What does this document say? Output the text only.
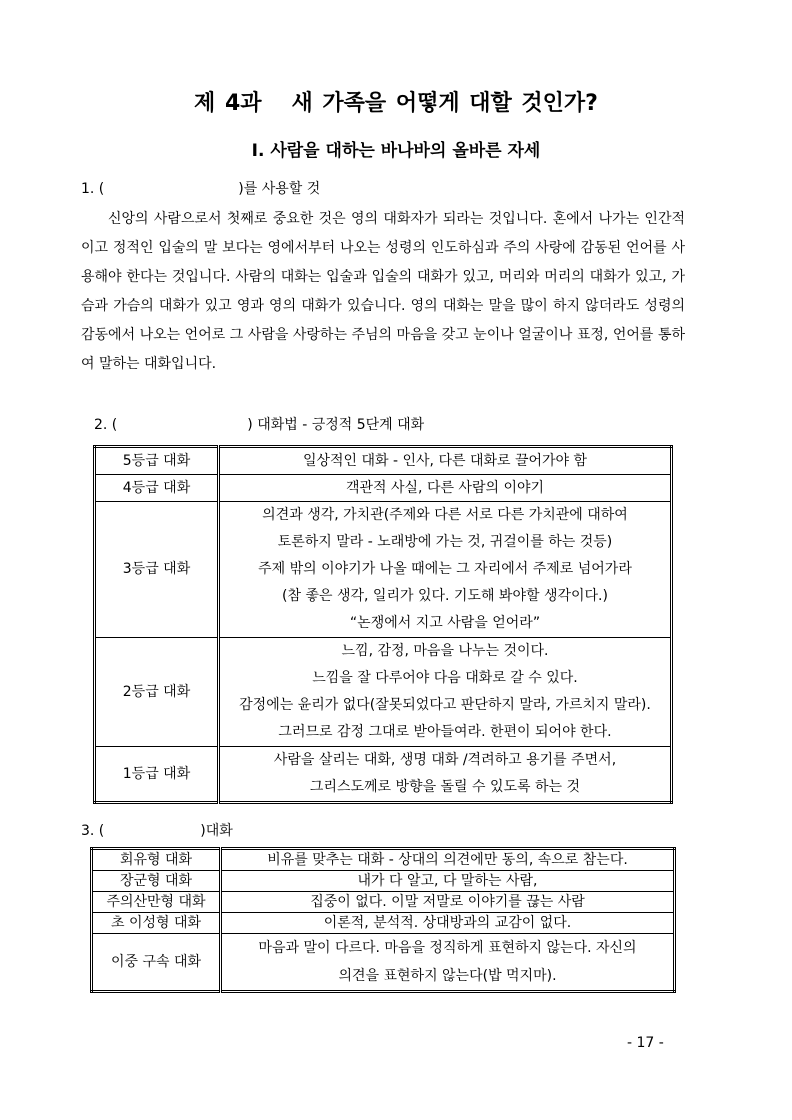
제 4과 새 가족을 어떻게 대할 것인가?
I. 사람을 대하는 바나바의 올바른 자세
1. (	)를 사용할 것
신앙의 사람으로서 첫째로 중요한 것은 영의 대화자가 되라는 것입니다. 혼에서 나가는 인간적이고 정적인 입술의 말 보다는 영에서부터 나오는 성령의 인도하심과 주의 사랑에 감동된 언어를 사용해야 한다는 것입니다. 사람의 대화는 입술과 입술의 대화가 있고, 머리와 머리의 대화가 있고, 가슴과 가슴의 대화가 있고 영과 영의 대화가 있습니다. 영의 대화는 말을 많이 하지 않더라도 성령의 감동에서 나오는 언어로 그 사람을 사랑하는 주님의 마음을 갖고 눈이나 얼굴이나 표정, 언어를 통하여 말하는 대화입니다.
2. (	) 대화법 - 긍정적 5단계 대화
5등급 대화	일상적인 대화 - 인사, 다른 대화로 끌어가야 함

4등급 대화	객관적 사실, 다른 사람의 이야기

3등급 대화	의견과 생각, 가치관(주제와 다른 서로 다른 가치관에 대하여
토론하지 말라 - 노래방에 가는 것, 귀걸이를 하는 것등)
주제 밖의 이야기가 나올 때에는 그 자리에서 주제로 넘어가라
(참 좋은 생각, 일리가 있다. 기도해 봐야할 생각이다.)
“논쟁에서 지고 사람을 얻어라”

2등급 대화	느낌, 감정, 마음을 나누는 것이다.
느낌을 잘 다루어야 다음 대화로 갈 수 있다.
감정에는 윤리가 없다(잘못되었다고 판단하지 말라, 가르치지 말라).
그러므로 감정 그대로 받아들여라. 한편이 되어야 한다.

1등급 대화	사람을 살리는 대화, 생명 대화 /격려하고 용기를 주면서,
그리스도께로 방향을 돌릴 수 있도록 하는 것
3. (	)대화
회유형 대화	비유를 맞추는 대화 - 상대의 의견에만 동의, 속으로 참는다.

장군형 대화	내가 다 알고, 다 말하는 사람,

주의산만형 대화	집중이 없다. 이말 저말로 이야기를 끊는 사람

초 이성형 대화	이론적, 분석적. 상대방과의 교감이 없다.

이중 구속 대화	마음과 말이 다르다. 마음을 정직하게 표현하지 않는다. 자신의
의견을 표현하지 않는다(밥 먹지마).
- 17 -
